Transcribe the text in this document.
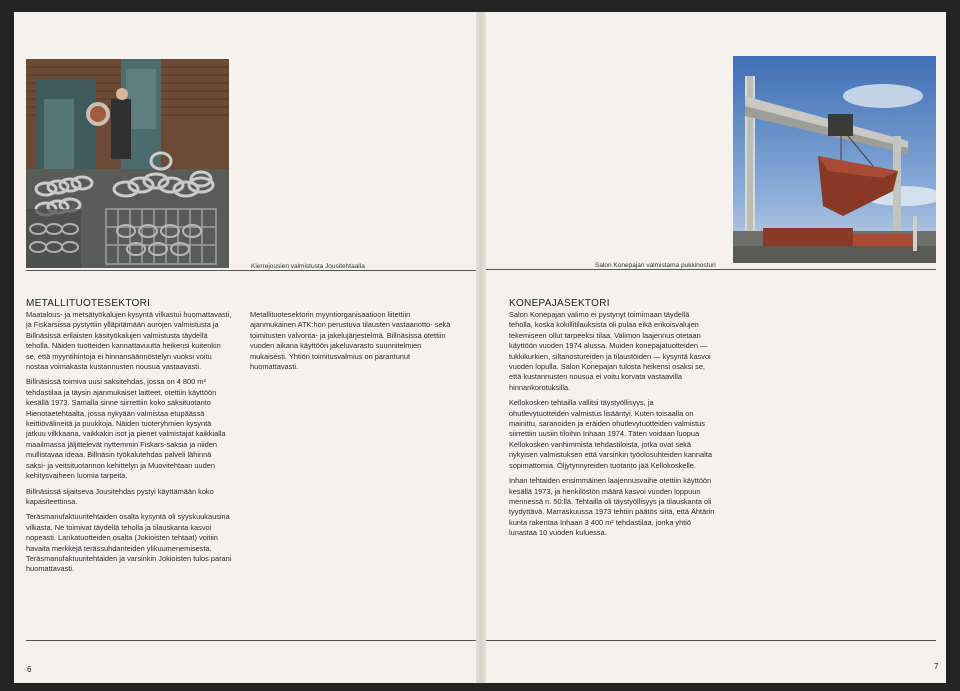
Kierrejousien valmistusta Jousitehtaalla	Salon Konepajan valmistama pukkinosturi
METALLITUOTESEKTORI

Maatalous- ja metsätyökalujen kysyntä vilkastui huomattavasti, ja Fiskarsissa pystyttiin ylläpitämään aurojen valmistusta ja Billnäsissä erilaisten käsityökalujen valmistusta täydellä teholla. Näiden tuotteiden kannattavuutta heikensi kuitenkin se, että myyntihintoja ei hinnansäännöstelyn vuoksi voitu nostaa voimakasta kustannusten nousua vastaavasti.

Billnäsissä toimiva uusi saksitehdas, jossa on 4 800 m² tehdastilaa ja täysin ajanmukaiset laitteet, otettiin käyttöön kesällä 1973. Samalla sinne siirrettiin koko saksituotanto Hienotaetehtaalta, jossa nykyään valmistaa etupäässä keittiövälineitä ja puukkoja. Näiden tuoteryhmien kysyntä jatkuu vilkkaana, vaikkakin isot ja pienet valmistajat kaikkialla maailmassa jäljittelevät nyttemmin Fiskars-saksia ja niiden mullistavaa ideaa. Billnäsin työkalutehdas palveli lähinnä saksi- ja veitsituotannon kehittelyn ja Muovitehtaan uuden kehitysvaiheen luomia tarpeita.

Billnäsissä sijaitseva Jousitehdas pystyi käyttämään koko kapasiteettinsa.

Teräsmanufaktuuritehtaiden osalta kysyntä oli syyskuukausina vilkasta. Ne toimivat täydellä teholla ja tilauskanta kasvoi nopeasti. Lankatuotteiden osalta (Jokioisten tehtaat) voitiin havaita merkkejä terässuhdanteiden ylikuumenemisesta. Teräsmanufaktuuritehtaiden ja varsinkin Jokioisten tulos parani huomattavasti.

Metallituotesektorin myyntiorganisaatioon liitettiin ajanmukainen ATK:hon perustuva tilausten vastaanotto- sekä toimitusten valvonta- ja jakelujärjestelmä. Billnäsissä otettiin vuoden aikana käyttöön jakeluvarasto suunnitelmien mukaisesti. Yhtiön toimitusvalmius on parantunut huomattavasti.

KONEPAJASEKTORI

Salon Konepajan valimo ei pystynyt toimimaan täydellä teholla, koska kokillitilauksista oli pulaa eikä erikoisvalujen tekemiseen ollut tarpeeksi tilaa. Valimon laajennus otetaan käyttöön vuoden 1974 alussa. Muiden konepajatuotteiden — tukkikurkien, siltanostureiden ja tilaustöiden — kysyntä kasvoi vuoden lopulla. Salon Konepajan tulosta heikensi osaksi se, että kustannusten nousua ei voitu korvata vastaavilla hinnankorotuksilla.

Kellokosken tehtailla vallitsi täystyöllisyys, ja ohutlevytuotteiden valmistus lisääntyi. Kuten toisaalla on mainittu, saranoiden ja eräiden ohutlevytuotteiden valmistus siirrettiin uusiin tiloihin Inhaan 1974. Täten voidaan luopua Kellokosken vanhimmista tehdastiloista, jotka ovat sekä nykyisen valmistuksen että varsinkin työolosuhteiden kannalta sopimattomia. Öljytynnyreiden tuotanto jää Kellokoskelle.

Inhan tehtaiden ensimmäinen laajennusvaihe otettiin käyttöön kesällä 1973, ja henkilöstön määrä kasvoi vuoden loppuun mennessä n. 50:llä. Tehtailla oli täystyöllisyys ja tilauskanta oli tyydyttävä. Marraskuussa 1973 tehtiin päätös siitä, että Ähtärin kunta rakentaa Inhaan 3 400 m² tehdastilaa, jonka yhtiö lunastaa 10 vuoden kuluessa.

6	7
